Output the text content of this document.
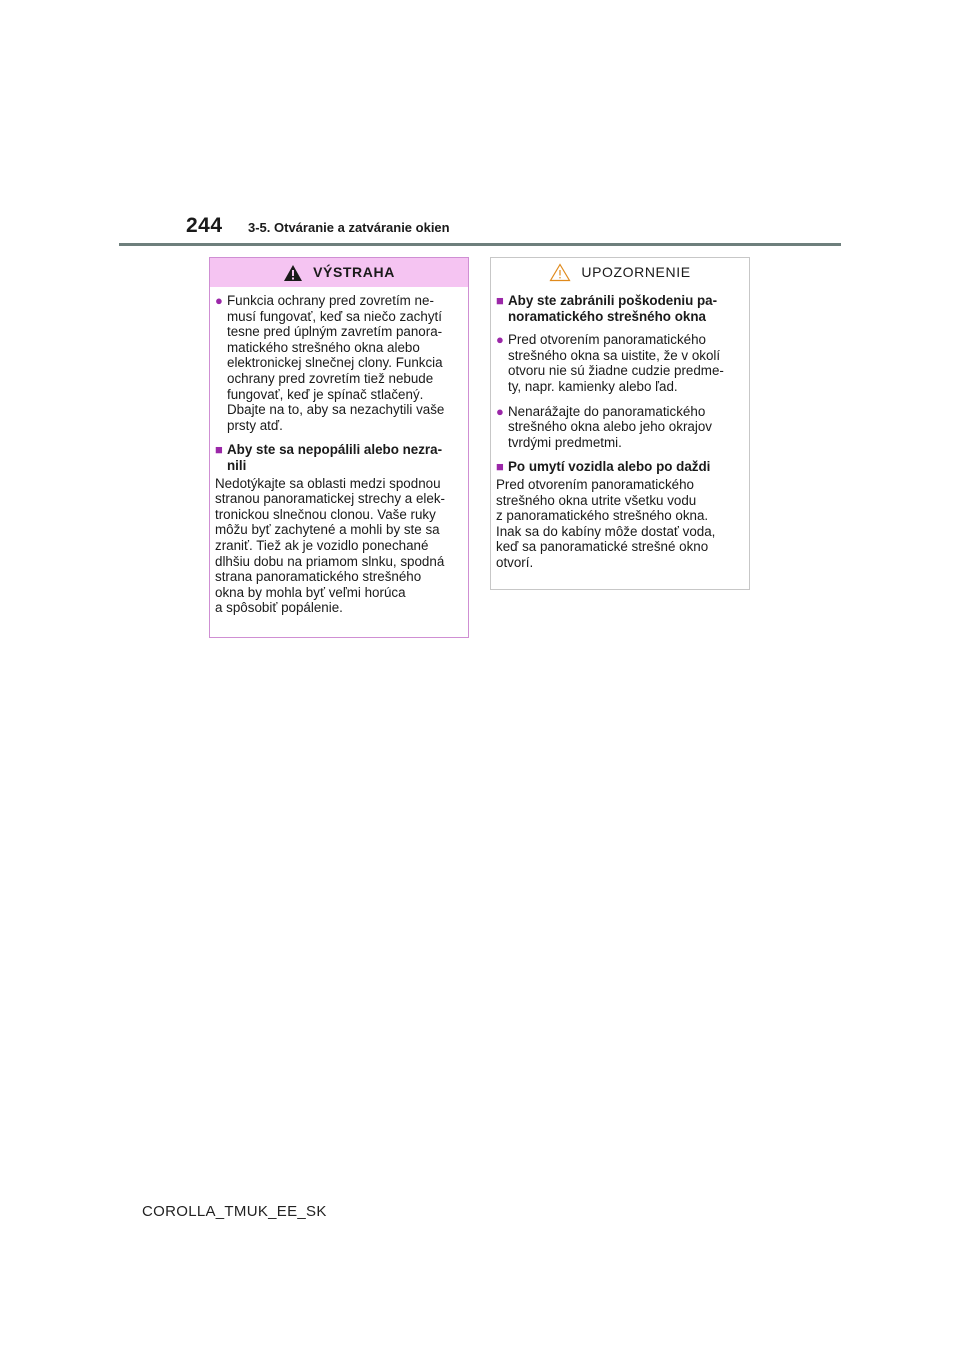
244 3-5. Otváranie a zatváranie okien
VÝSTRAHA
● Funkcia ochrany pred zovretím ne-
musí fungovať, keď sa niečo zachytí
tesne pred úplným zavretím panora-
matického strešného okna alebo
elektronickej slnečnej clony. Funkcia
ochrany pred zovretím tiež nebude
fungovať, keď je spínač stlačený.
Dbajte na to, aby sa nezachytili vaše
prsty atď.
■ Aby ste sa nepopálili alebo nezra-
nili
Nedotýkajte sa oblasti medzi spodnou
stranou panoramatickej strechy a elek-
tronickou slnečnou clonou. Vaše ruky
môžu byť zachytené a mohli by ste sa
zraniť. Tiež ak je vozidlo ponechané
dlhšiu dobu na priamom slnku, spodná
strana panoramatického strešného
okna by mohla byť veľmi horúca
a spôsobiť popálenie.
UPOZORNENIE
■ Aby ste zabránili poškodeniu pa-
noramatického strešného okna
● Pred otvorením panoramatického
strešného okna sa uistite, že v okolí
otvoru nie sú žiadne cudzie predme-
ty, napr. kamienky alebo ľad.
● Nenarážajte do panoramatického
strešného okna alebo jeho okrajov
tvrdými predmetmi.
■ Po umytí vozidla alebo po daždi
Pred otvorením panoramatického
strešného okna utrite všetku vodu
z panoramatického strešného okna.
Inak sa do kabíny môže dostať voda,
keď sa panoramatické strešné okno
otvorí.
COROLLA_TMUK_EE_SK
